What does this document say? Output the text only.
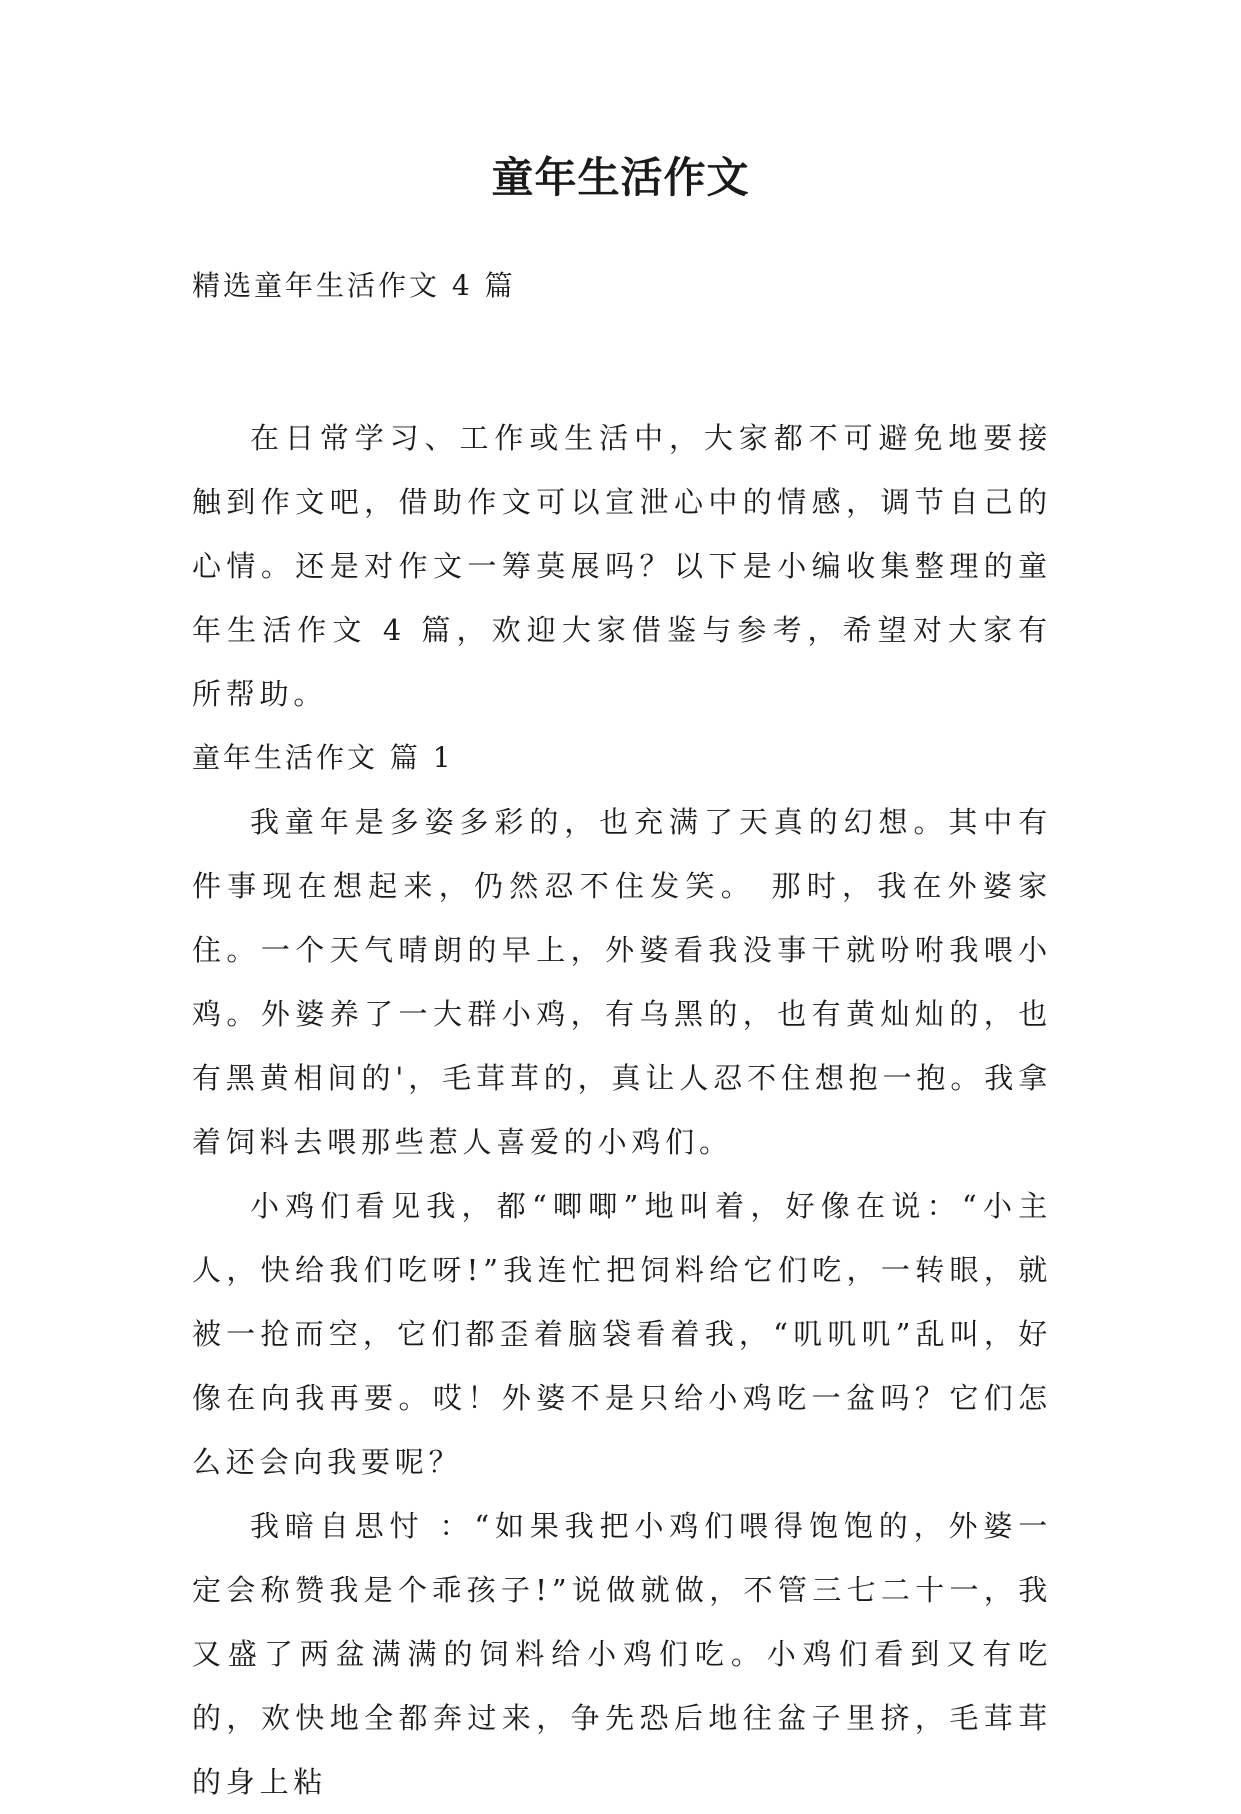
童年生活作文
精选童年生活作文 4 篇

在日常学习、工作或生活中，大家都不可避免地要接触到作文吧，借助作文可以宣泄心中的情感，调节自己的心情。还是对作文一筹莫展吗？以下是小编收集整理的童年生活作文 4 篇，欢迎大家借鉴与参考，希望对大家有所帮助。

童年生活作文 篇 1

我童年是多姿多彩的，也充满了天真的幻想。其中有件事现在想起来，仍然忍不住发笑。 那时，我在外婆家住。一个天气晴朗的早上，外婆看我没事干就吩咐我喂小鸡。外婆养了一大群小鸡，有乌黑的，也有黄灿灿的，也有黑黄相间的'，毛茸茸的，真让人忍不住想抱一抱。我拿着饲料去喂那些惹人喜爱的小鸡们。

小鸡们看见我，都“唧唧”地叫着，好像在说：“小主人，快给我们吃呀!”我连忙把饲料给它们吃，一转眼，就被一抢而空，它们都歪着脑袋看着我，“叽叽叽”乱叫，好像在向我再要。哎！外婆不是只给小鸡吃一盆吗？它们怎么还会向我要呢？

我暗自思忖 ：“如果我把小鸡们喂得饱饱的，外婆一定会称赞我是个乖孩子!”说做就做，不管三七二十一，我又盛了两盆满满的饲料给小鸡们吃。小鸡们看到又有吃的，欢快地全都奔过来，争先恐后地往盆子里挤，毛茸茸的身上粘
